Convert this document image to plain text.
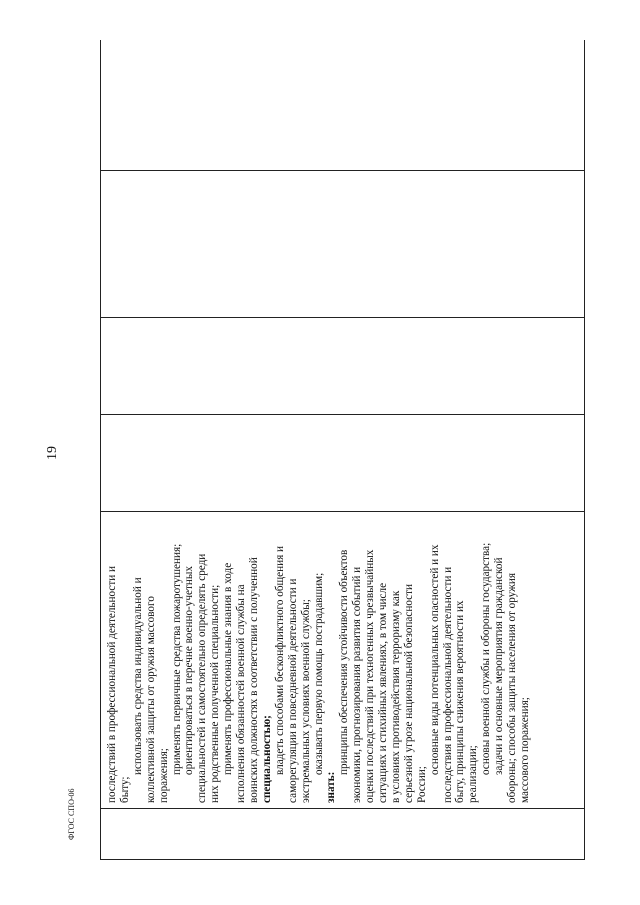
19

последствий в профессиональной деятельности и быту;

использовать средства индивидуальной и коллективной защиты от оружия массового поражения;

применять первичные средства пожаротушения; ориентироваться в перечне военно-учетных специальностей и самостоятельно определять среди них родственные полученной специальности; применять профессиональные знания в ходе исполнения обязанностей военной службы на воинских должностях в соответствии с полученной специальностью; владеть способами бесконфликтного общения и саморегуляции в повседневной деятельности и экстремальных условиях военной службы; оказывать первую помощь пострадавшим;

знать:

принципы обеспечения устойчивости объектов экономики, прогнозирования развития событий и оценки последствий при техногенных чрезвычайных ситуациях и стихийных явлениях, в том числе в условиях противодействия терроризму как серьезной угрозе национальной безопасности России;

основные виды потенциальных опасностей и их последствия в профессиональной деятельности и быту, принципы снижения вероятности их реализации; основы военной службы и обороны государства; задачи и основные мероприятия гражданской обороны; способы защиты населения от оружия массового поражения;

ФГОС СПО-06
